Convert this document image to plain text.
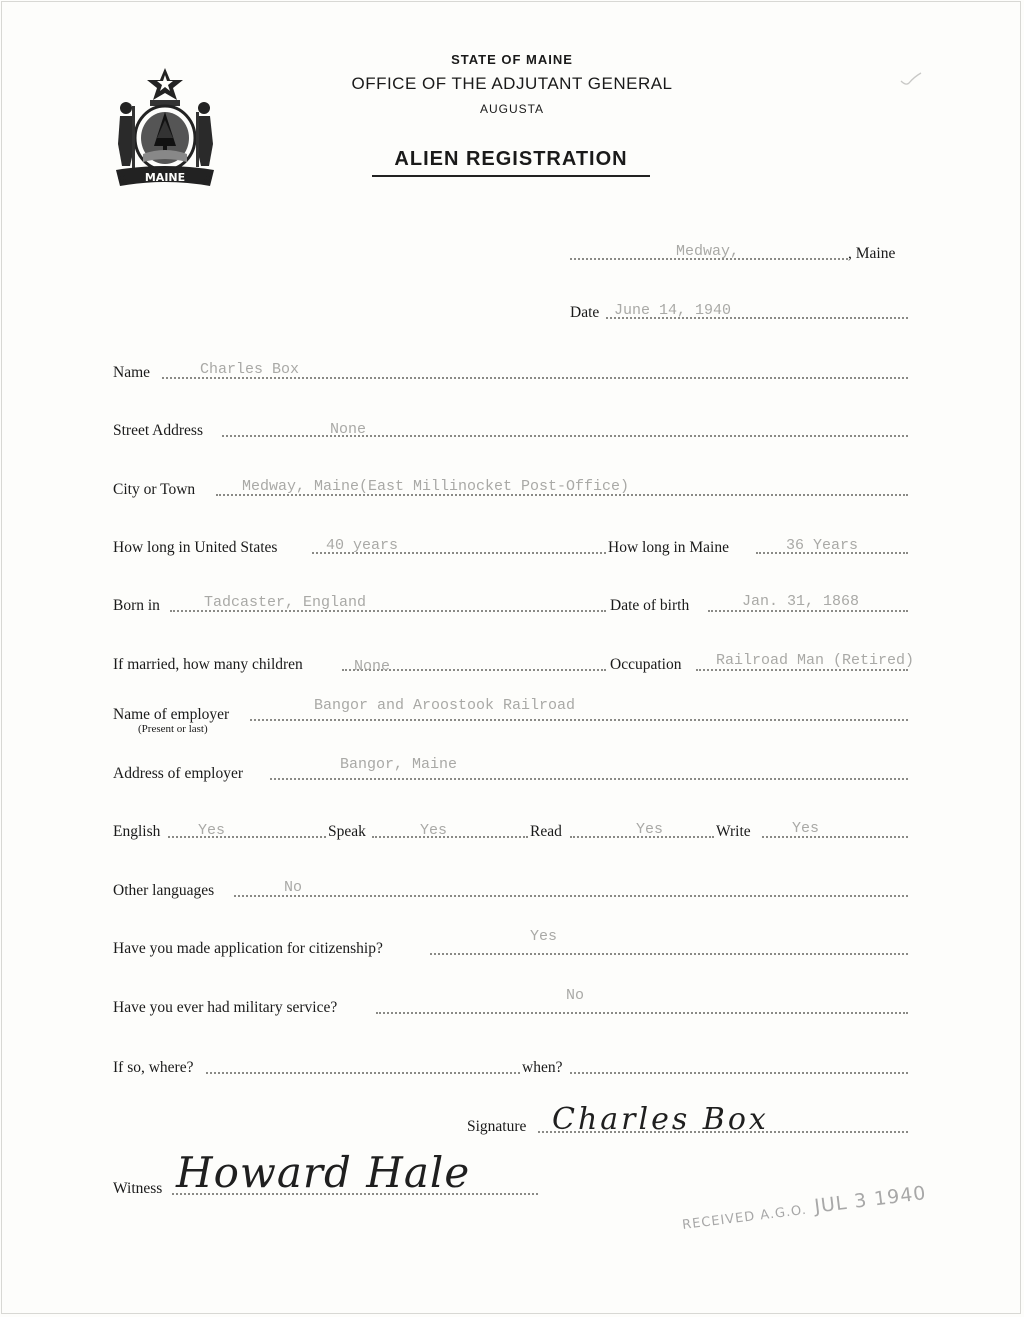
MAINE
STATE OF MAINE
OFFICE OF THE ADJUTANT GENERAL
AUGUSTA
ALIEN REGISTRATION
Medway,	, Maine
Date June 14, 1940
Name	Charles Box
Street Address	None
City or Town	Medway, Maine(East Millinocket Post-Office)
How long in United States	40 years	How long in Maine	36 Years
Born in	Tadcaster, England	Date of birth	Jan. 31, 1868
If married, how many children	None	Occupation Railroad Man (Retired)
Name of employer
(Present or last)
Bangor and Aroostook Railroad
Address of employer
Bangor, Maine
English	Yes	Speak	Yes	Read	Yes	Write	Yes
Other languages	No
Have you made application for citizenship?
Yes
Have you ever had military service?
No
If so, where?	when?
Signature Charles Box
Witness Howard Hale
RECEIVED A.G.O.JUL 3 1940
